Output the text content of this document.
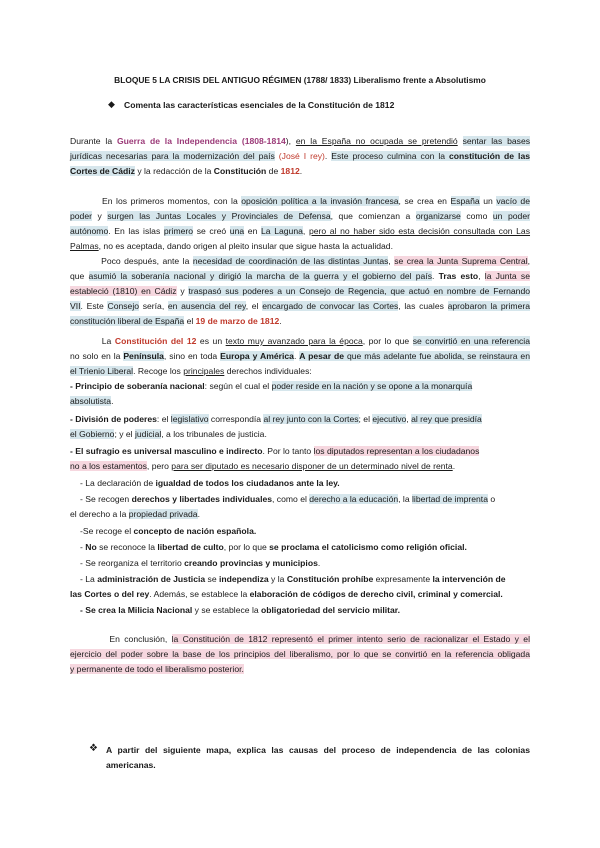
BLOQUE 5 LA CRISIS DEL ANTIGUO RÉGIMEN (1788/ 1833) Liberalismo frente a Absolutismo
◆ Comenta las características esenciales de la Constitución de 1812
Durante la Guerra de la Independencia (1808-1814), en la España no ocupada se pretendió sentar las bases
jurídicas necesarias para la modernización del país (José I rey). Este proceso culmina con la constitución de las
Cortes de Cádiz y la redacción de la Constitución de 1812.
En los primeros momentos, con la oposición política a la invasión francesa, se crea en España un vacío de
poder y surgen las Juntas Locales y Provinciales de Defensa, que comienzan a organizarse como un poder
autónomo. En las islas primero se creó una en La Laguna, pero al no haber sido esta decisión consultada con Las
Palmas, no es aceptada, dando origen al pleito insular que sigue hasta la actualidad.
Poco después, ante la necesidad de coordinación de las distintas Juntas, se crea la Junta Suprema Central,
que asumió la soberanía nacional y dirigió la marcha de la guerra y el gobierno del país. Tras esto, la Junta se
estableció (1810) en Cádiz y traspasó sus poderes a un Consejo de Regencia, que actuó en nombre de Fernando
VII. Este Consejo sería, en ausencia del rey, el encargado de convocar las Cortes, las cuales aprobaron la primera
constitución liberal de España el 19 de marzo de 1812.
La Constitución del 12 es un texto muy avanzado para la época, por lo que se convirtió en una referencia
no solo en la Península, sino en toda Europa y América. A pesar de que más adelante fue abolida, se reinstaura en
el Trienio Liberal. Recoge los principales derechos individuales:
- Principio de soberanía nacional: según el cual el poder reside en la nación y se opone a la monarquía
absolutista.
- División de poderes: el legislativo correspondía al rey junto con la Cortes; el ejecutivo, al rey que presidía
el Gobierno; y el judicial, a los tribunales de justicia.
- El sufragio es universal masculino e indirecto. Por lo tanto los diputados representan a los ciudadanos
no a los estamentos, pero para ser diputado es necesario disponer de un determinado nivel de renta.
- La declaración de igualdad de todos los ciudadanos ante la ley.
- Se recogen derechos y libertades individuales, como el derecho a la educación, la libertad de imprenta o
el derecho a la propiedad privada.
-Se recoge el concepto de nación española.
- No se reconoce la libertad de culto, por lo que se proclama el catolicismo como religión oficial.
- Se reorganiza el territorio creando provincias y municipios.
- La administración de Justicia se independiza y la Constitución prohíbe expresamente la intervención de
las Cortes o del rey. Además, se establece la elaboración de códigos de derecho civil, criminal y comercial.
- Se crea la Milicia Nacional y se establece la obligatoriedad del servicio militar.
En conclusión, la Constitución de 1812 representó el primer intento serio de racionalizar el Estado y el
ejercicio del poder sobre la base de los principios del liberalismo, por lo que se convirtió en la referencia obligada
y permanente de todo el liberalismo posterior.
❖ A partir del siguiente mapa, explica las causas del proceso de independencia de las colonias
americanas.
